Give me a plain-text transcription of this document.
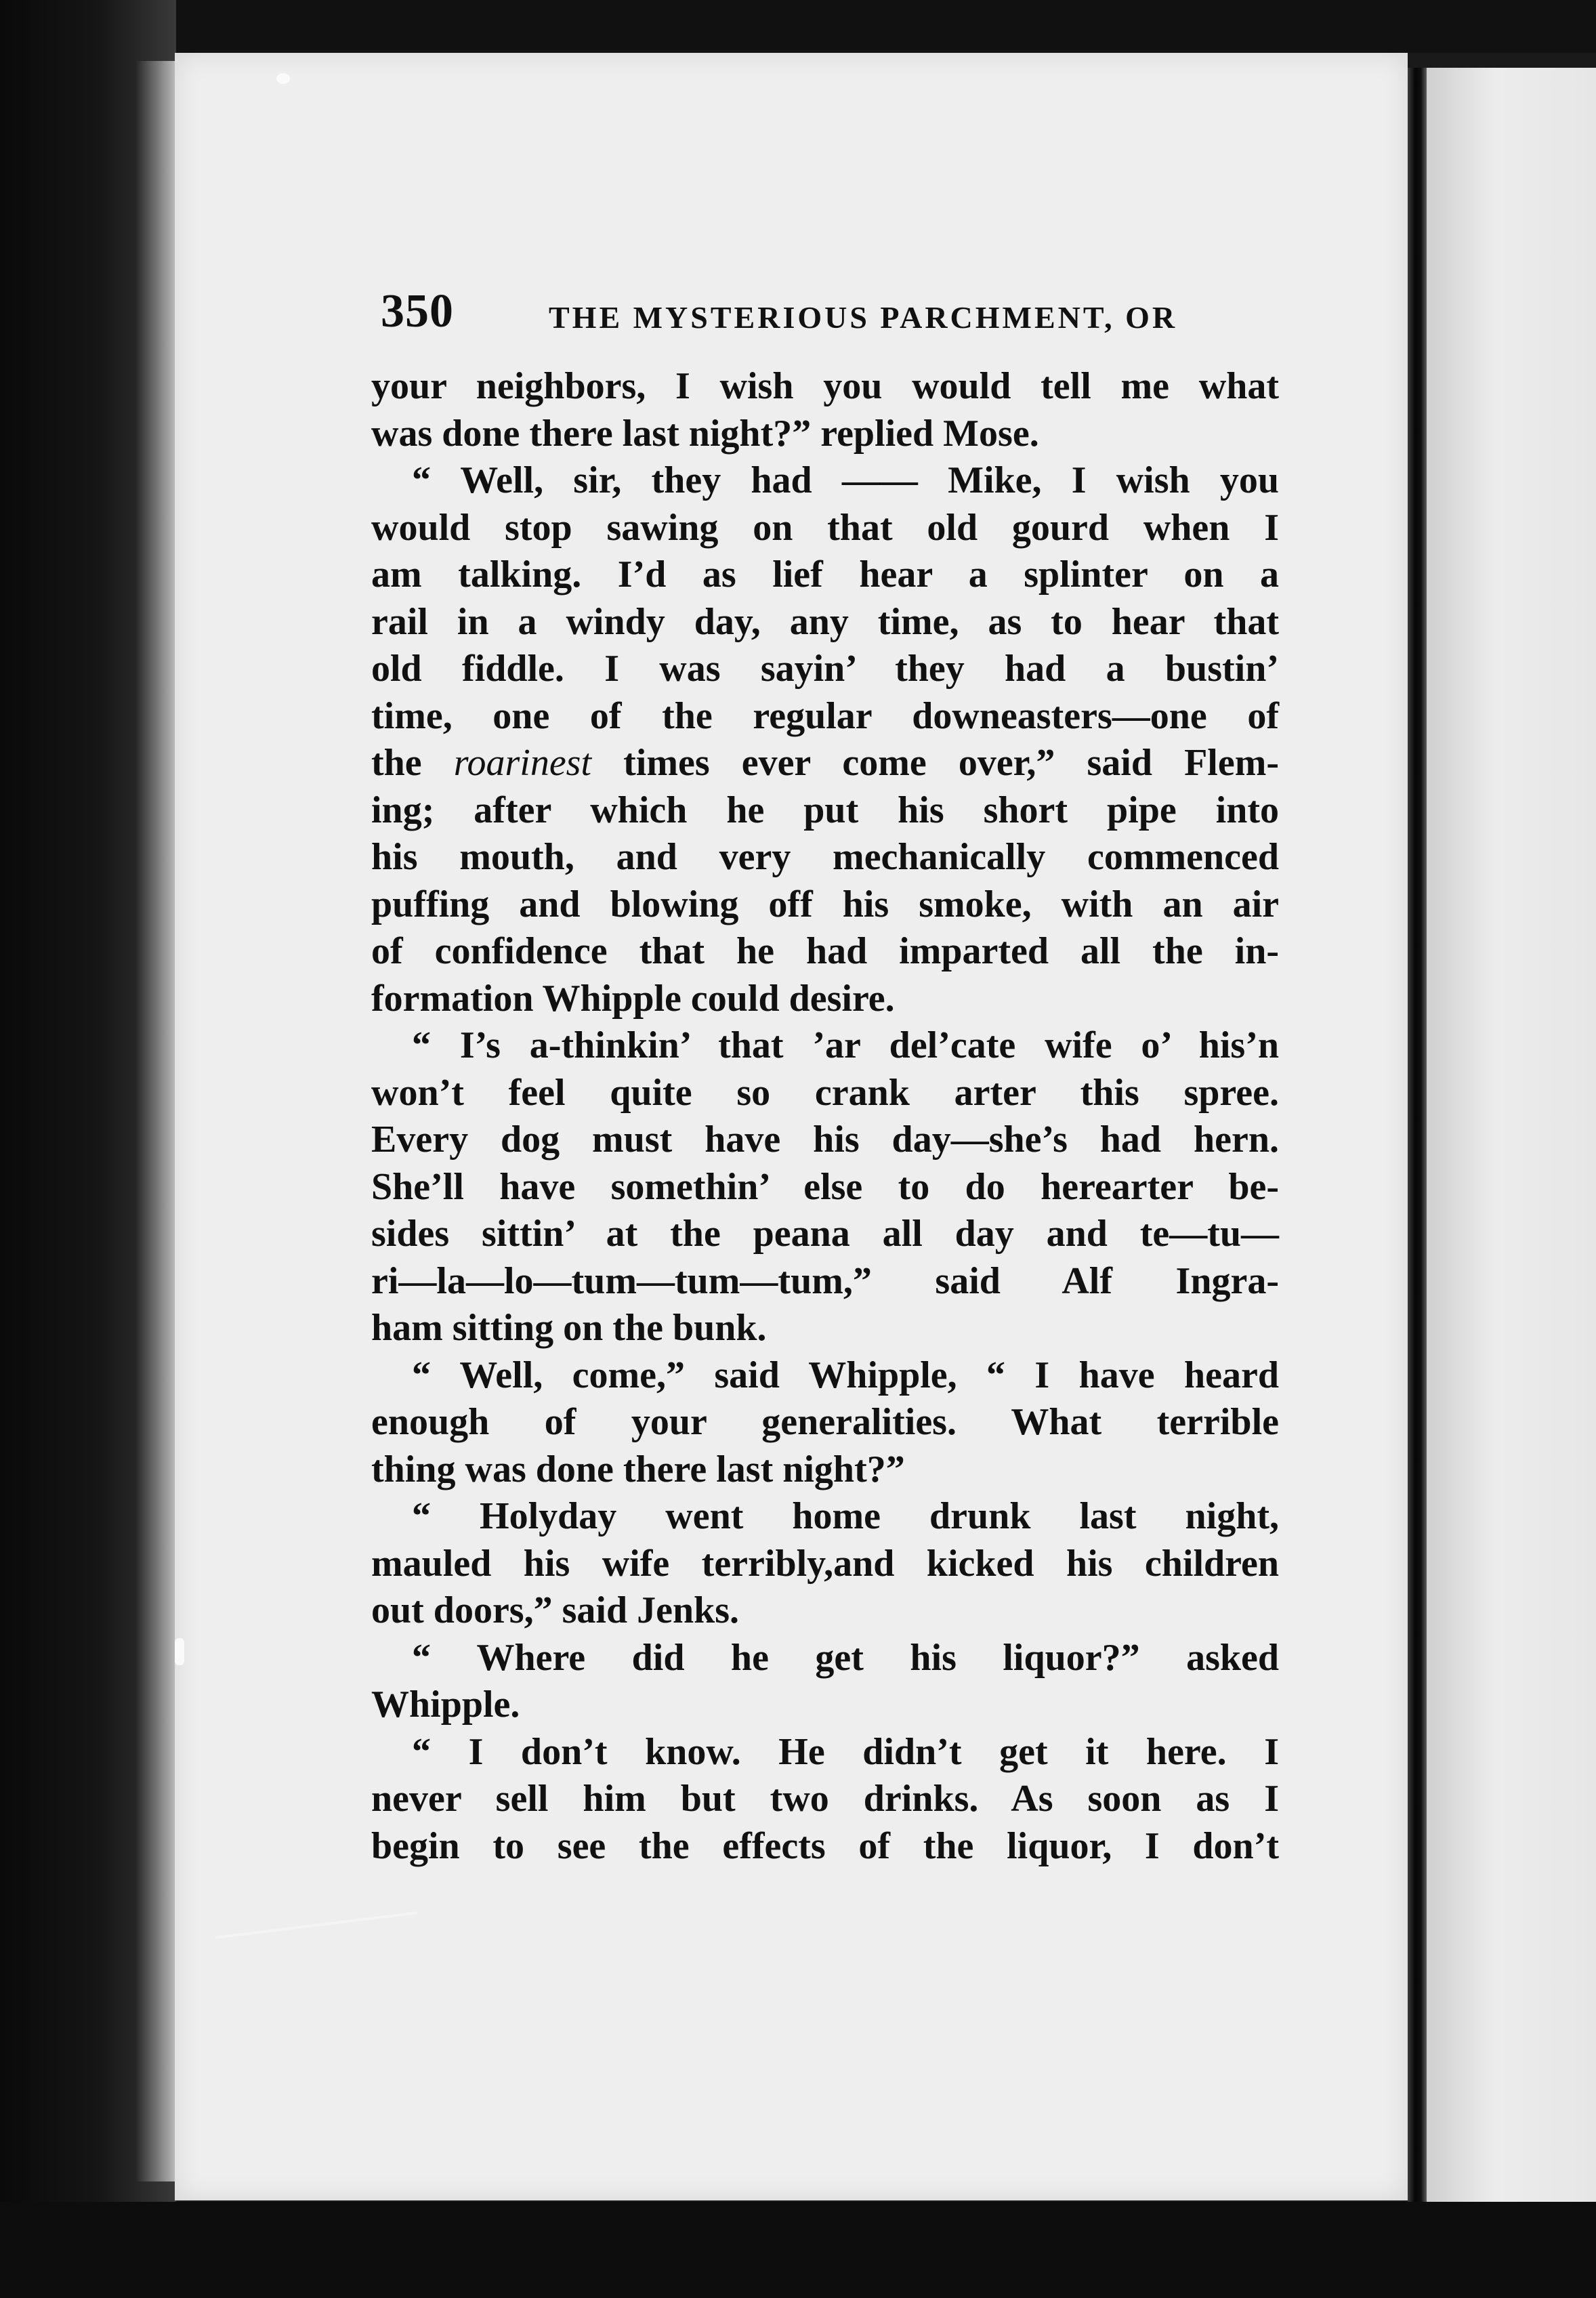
350	THE MYSTERIOUS PARCHMENT, OR
your neighbors, I wish you would tell me what
was done there last night?” replied Mose.
“ Well, sir, they had —— Mike, I wish you
would stop sawing on that old gourd when I
am talking. I’d as lief hear a splinter on a
rail in a windy day, any time, as to hear that
old fiddle. I was sayin’ they had a bustin’
time, one of the regular downeasters—one of
the roarinest times ever come over,” said Flem-
ing; after which he put his short pipe into
his mouth, and very mechanically commenced
puffing and blowing off his smoke, with an air
of confidence that he had imparted all the in-
formation Whipple could desire.
“ I’s a-thinkin’ that ’ar del’cate wife o’ his’n
won’t feel quite so crank arter this spree.
Every dog must have his day—she’s had hern.
She’ll have somethin’ else to do herearter be-
sides sittin’ at the peana all day and te—tu—
ri—la—lo—tum—tum—tum,” said Alf Ingra-
ham sitting on the bunk.
“ Well, come,” said Whipple, “ I have heard
enough of your generalities. What terrible
thing was done there last night?”
“ Holyday went home drunk last night,
mauled his wife terribly,and kicked his children
out doors,” said Jenks.
“ Where did he get his liquor?” asked
Whipple.
“ I don’t know. He didn’t get it here. I
never sell him but two drinks. As soon as I
begin to see the effects of the liquor, I don’t
